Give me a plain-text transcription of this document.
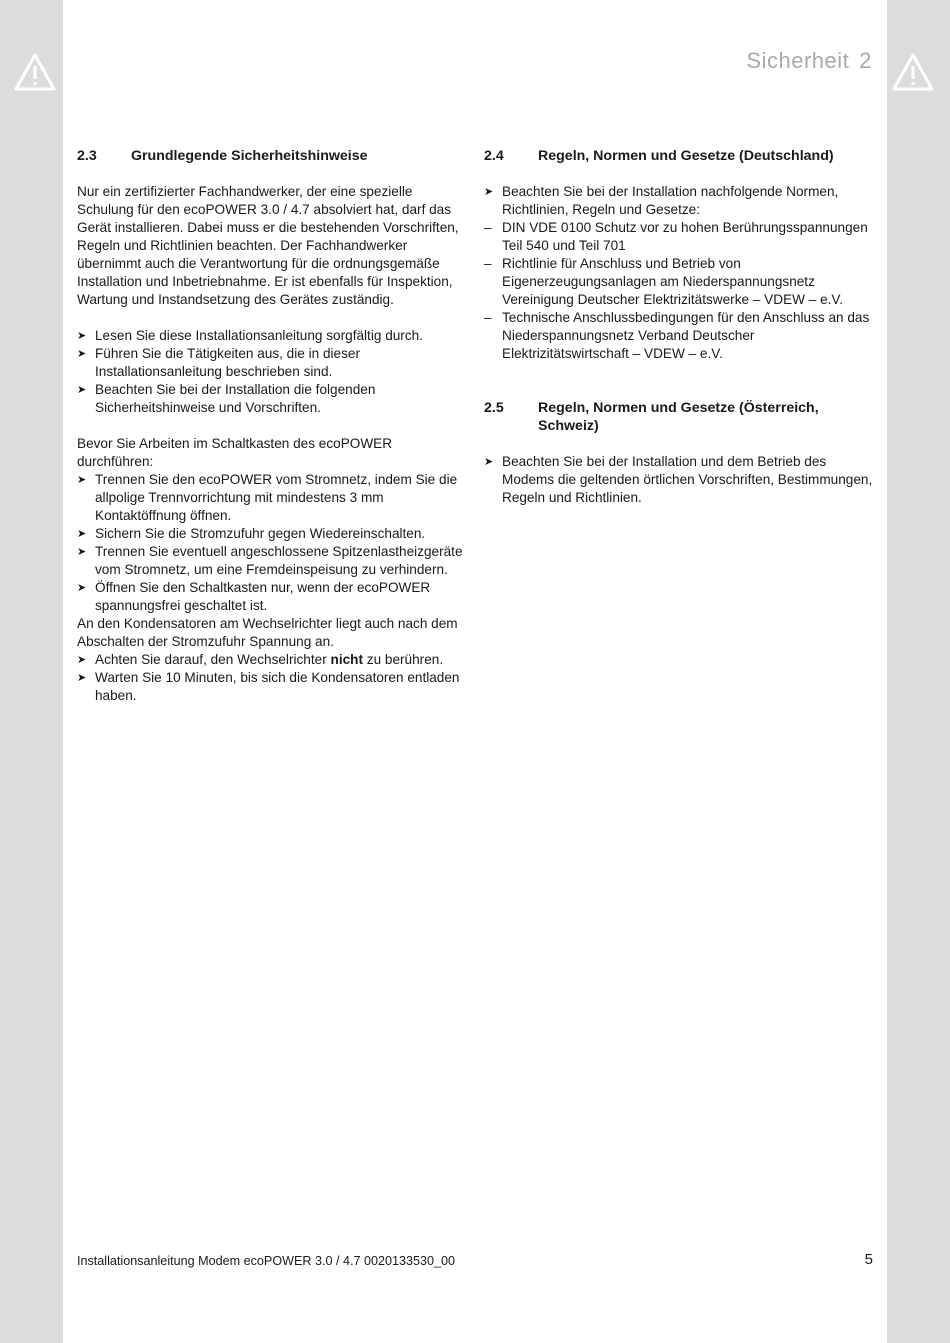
Sicherheit 2
2.3 Grundlegende Sicherheitshinweise

Nur ein zertifizierter Fachhandwerker, der eine spezielle Schulung für den ecoPOWER 3.0 / 4.7 absolviert hat, darf das Gerät installieren. Dabei muss er die bestehenden Vorschriften, Regeln und Richtlinien beachten. Der Fachhandwerker übernimmt auch die Verantwortung für die ordnungsgemäße Installation und Inbetriebnahme. Er ist ebenfalls für Inspektion, Wartung und Instandsetzung des Gerätes zuständig.

➤ Lesen Sie diese Installationsanleitung sorgfältig durch.
➤ Führen Sie die Tätigkeiten aus, die in dieser Installationsanleitung beschrieben sind.
➤ Beachten Sie bei der Installation die folgenden Sicherheitshinweise und Vorschriften.

Bevor Sie Arbeiten im Schaltkasten des ecoPOWER durchführen:

➤ Trennen Sie den ecoPOWER vom Stromnetz, indem Sie die allpolige Trennvorrichtung mit mindestens 3 mm Kontaktöffnung öffnen.
➤ Sichern Sie die Stromzufuhr gegen Wiedereinschalten.
➤ Trennen Sie eventuell angeschlossene Spitzenlastheizgeräte vom Stromnetz, um eine Fremdeinspeisung zu verhindern.
➤ Öffnen Sie den Schaltkasten nur, wenn der ecoPOWER spannungsfrei geschaltet ist.

An den Kondensatoren am Wechselrichter liegt auch nach dem Abschalten der Stromzufuhr Spannung an.

➤ Achten Sie darauf, den Wechselrichter nicht zu berühren.
➤ Warten Sie 10 Minuten, bis sich die Kondensatoren entladen haben.
2.4 Regeln, Normen und Gesetze (Deutschland)
➤ Beachten Sie bei der Installation nachfolgende Normen, Richtlinien, Regeln und Gesetze:
– DIN VDE 0100 Schutz vor zu hohen Berührungsspannungen Teil 540 und Teil 701
– Richtlinie für Anschluss und Betrieb von Eigenerzeugungsanlagen am Niederspannungsnetz Vereinigung Deutscher Elektrizitätswerke – VDEW – e.V.
– Technische Anschlussbedingungen für den Anschluss an das Niederspannungsnetz Verband Deutscher Elektrizitätswirtschaft – VDEW – e.V.
2.5 Regeln, Normen und Gesetze (Österreich, Schweiz)
➤ Beachten Sie bei der Installation und dem Betrieb des Modems die geltenden örtlichen Vorschriften, Bestimmungen, Regeln und Richtlinien.
Installationsanleitung Modem ecoPOWER 3.0 / 4.7 0020133530_00	5
